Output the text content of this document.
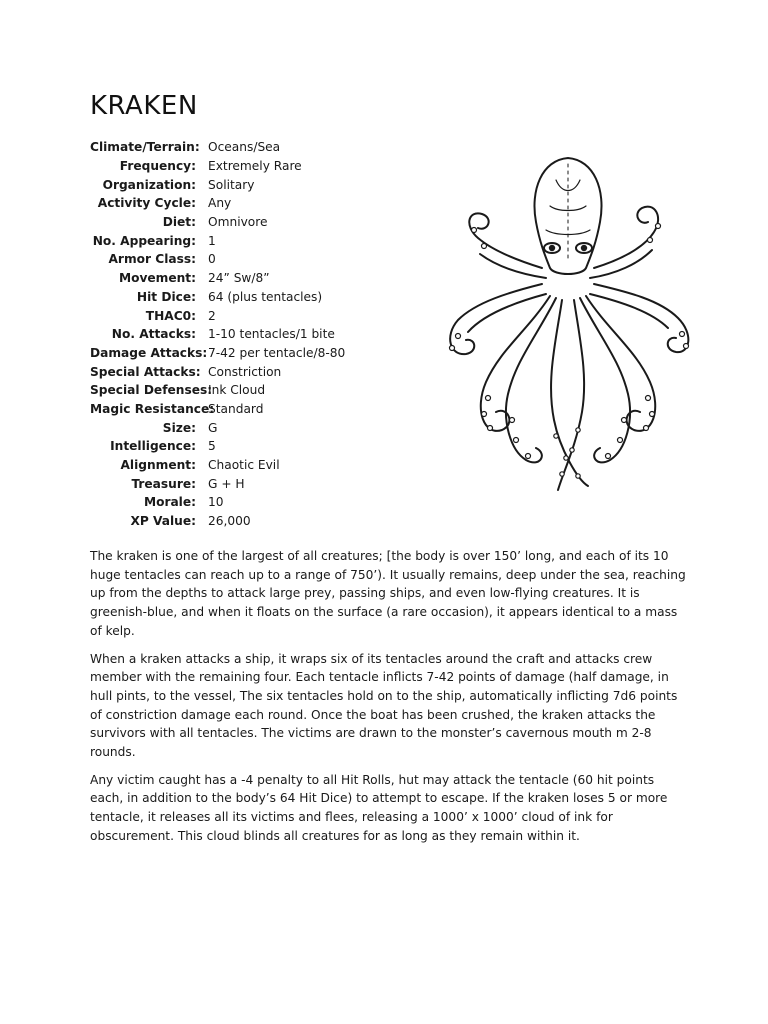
KRAKEN
Climate/Terrain: Oceans/Sea
Frequency: Extremely Rare
Organization: Solitary
Activity Cycle: Any
Diet: Omnivore
No. Appearing: 1
Armor Class: 0
Movement: 24” Sw/8”
Hit Dice: 64 (plus tentacles)
THAC0: 2
No. Attacks: 1-10 tentacles/1 bite
Damage Attacks: 7-42 per tentacle/8-80
Special Attacks: Constriction
Special Defenses:
Ink Cloud
Magic Resistance:
Standard
Size: G
Intelligence: 5
Alignment: Chaotic Evil
Treasure: G + H
Morale: 10
XP Value: 26,000

The kraken is one of the largest of all creatures; [the body is over 150’ long, and each of its 10 huge tentacles can reach up to a range of 750’). It usually remains, deep under the sea, reaching up from the depths to attack large prey, passing ships, and even low-flying creatures. It is greenish-blue, and when it floats on the surface (a rare occasion), it appears identical to a mass of kelp.

When a kraken attacks a ship, it wraps six of its tentacles around the craft and attacks crew member with the remaining four. Each tentacle inflicts 7-42 points of damage (half damage, in hull pints, to the vessel, The six tentacles hold on to the ship, automatically inflicting 7d6 points of constriction damage each round. Once the boat has been crushed, the kraken attacks the survivors with all tentacles. The victims are drawn to the monster’s cavernous mouth m 2-8 rounds.

Any victim caught has a -4 penalty to all Hit Rolls, hut may attack the tentacle (60 hit points each, in addition to the body’s 64 Hit Dice) to attempt to escape. If the kraken loses 5 or more tentacle, it releases all its victims and flees, releasing a 1000’ x 1000’ cloud of ink for obscurement. This cloud blinds all creatures for as long as they remain within it.
